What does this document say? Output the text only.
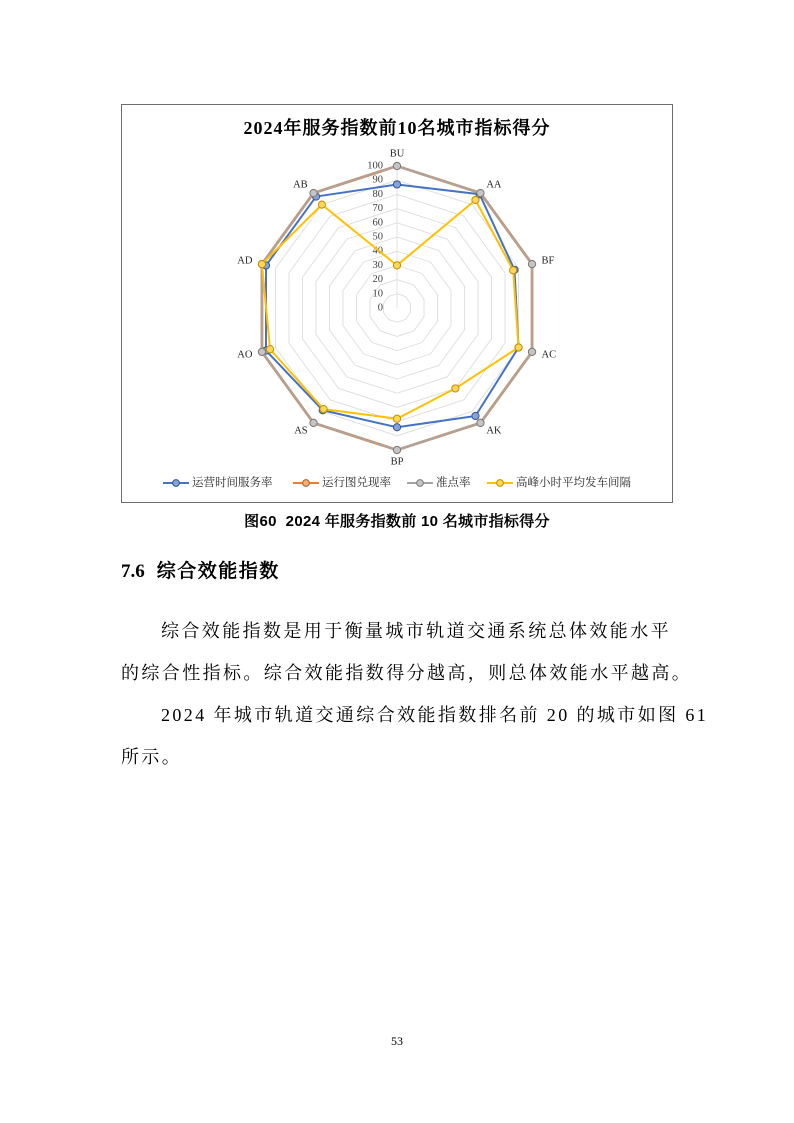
2024年服务指数前10名城市指标得分
0
10
20
30
40
50
60
70
80
90
100
BU
AA
BF
AC
AK
BP
AS
AO
AD
AB
运营时间服务率	运行图兑现率	准点率	高峰小时平均发车间隔
图60  2024 年服务指数前 10 名城市指标得分
7.6 综合效能指数
综合效能指数是用于衡量城市轨道交通系统总体效能水平
的综合性指标。综合效能指数得分越高，则总体效能水平越高。
2024 年城市轨道交通综合效能指数排名前 20 的城市如图 61
所示。
53
